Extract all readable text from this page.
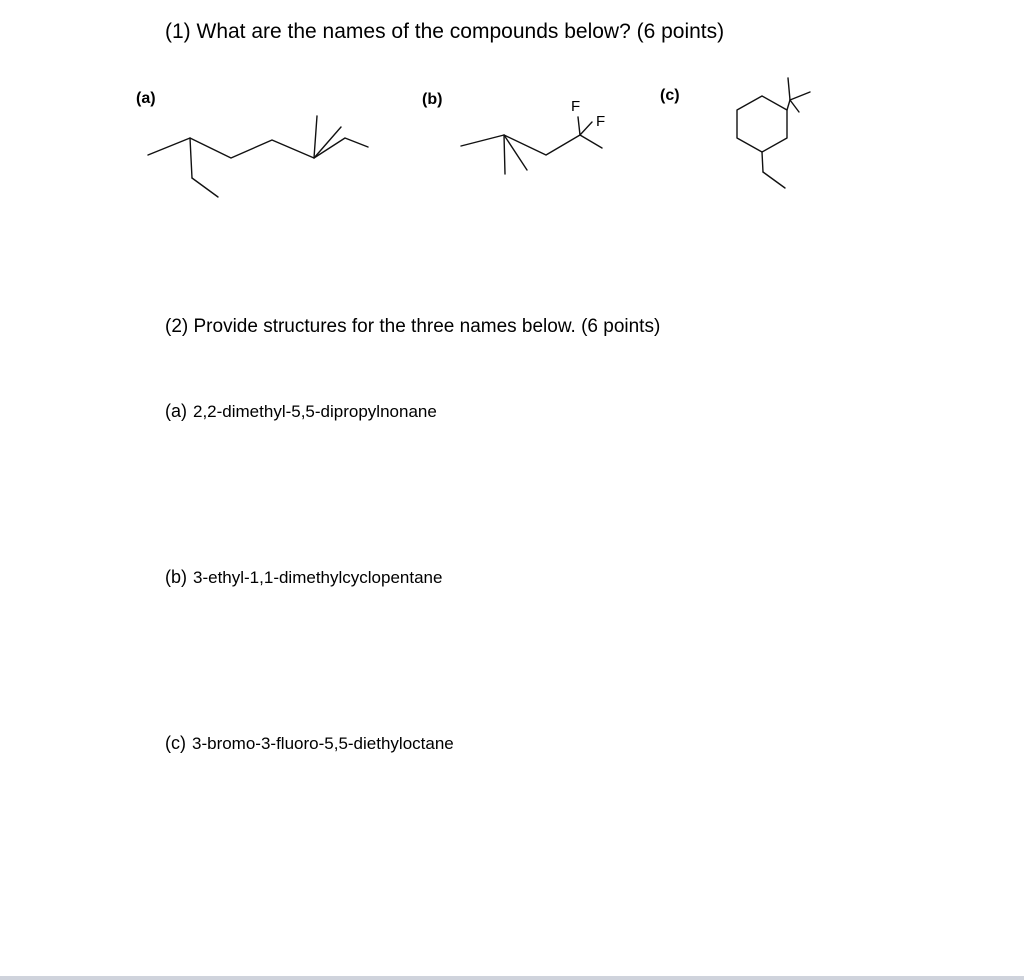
(1) What are the names of the compounds below? (6 points)
(a)	(b)	(c)
F
F
(2) Provide structures for the three names below. (6 points)
(a) 2,2-dimethyl-5,5-dipropylnonane
(b) 3-ethyl-1,1-dimethylcyclopentane
(c) 3-bromo-3-fluoro-5,5-diethyloctane
